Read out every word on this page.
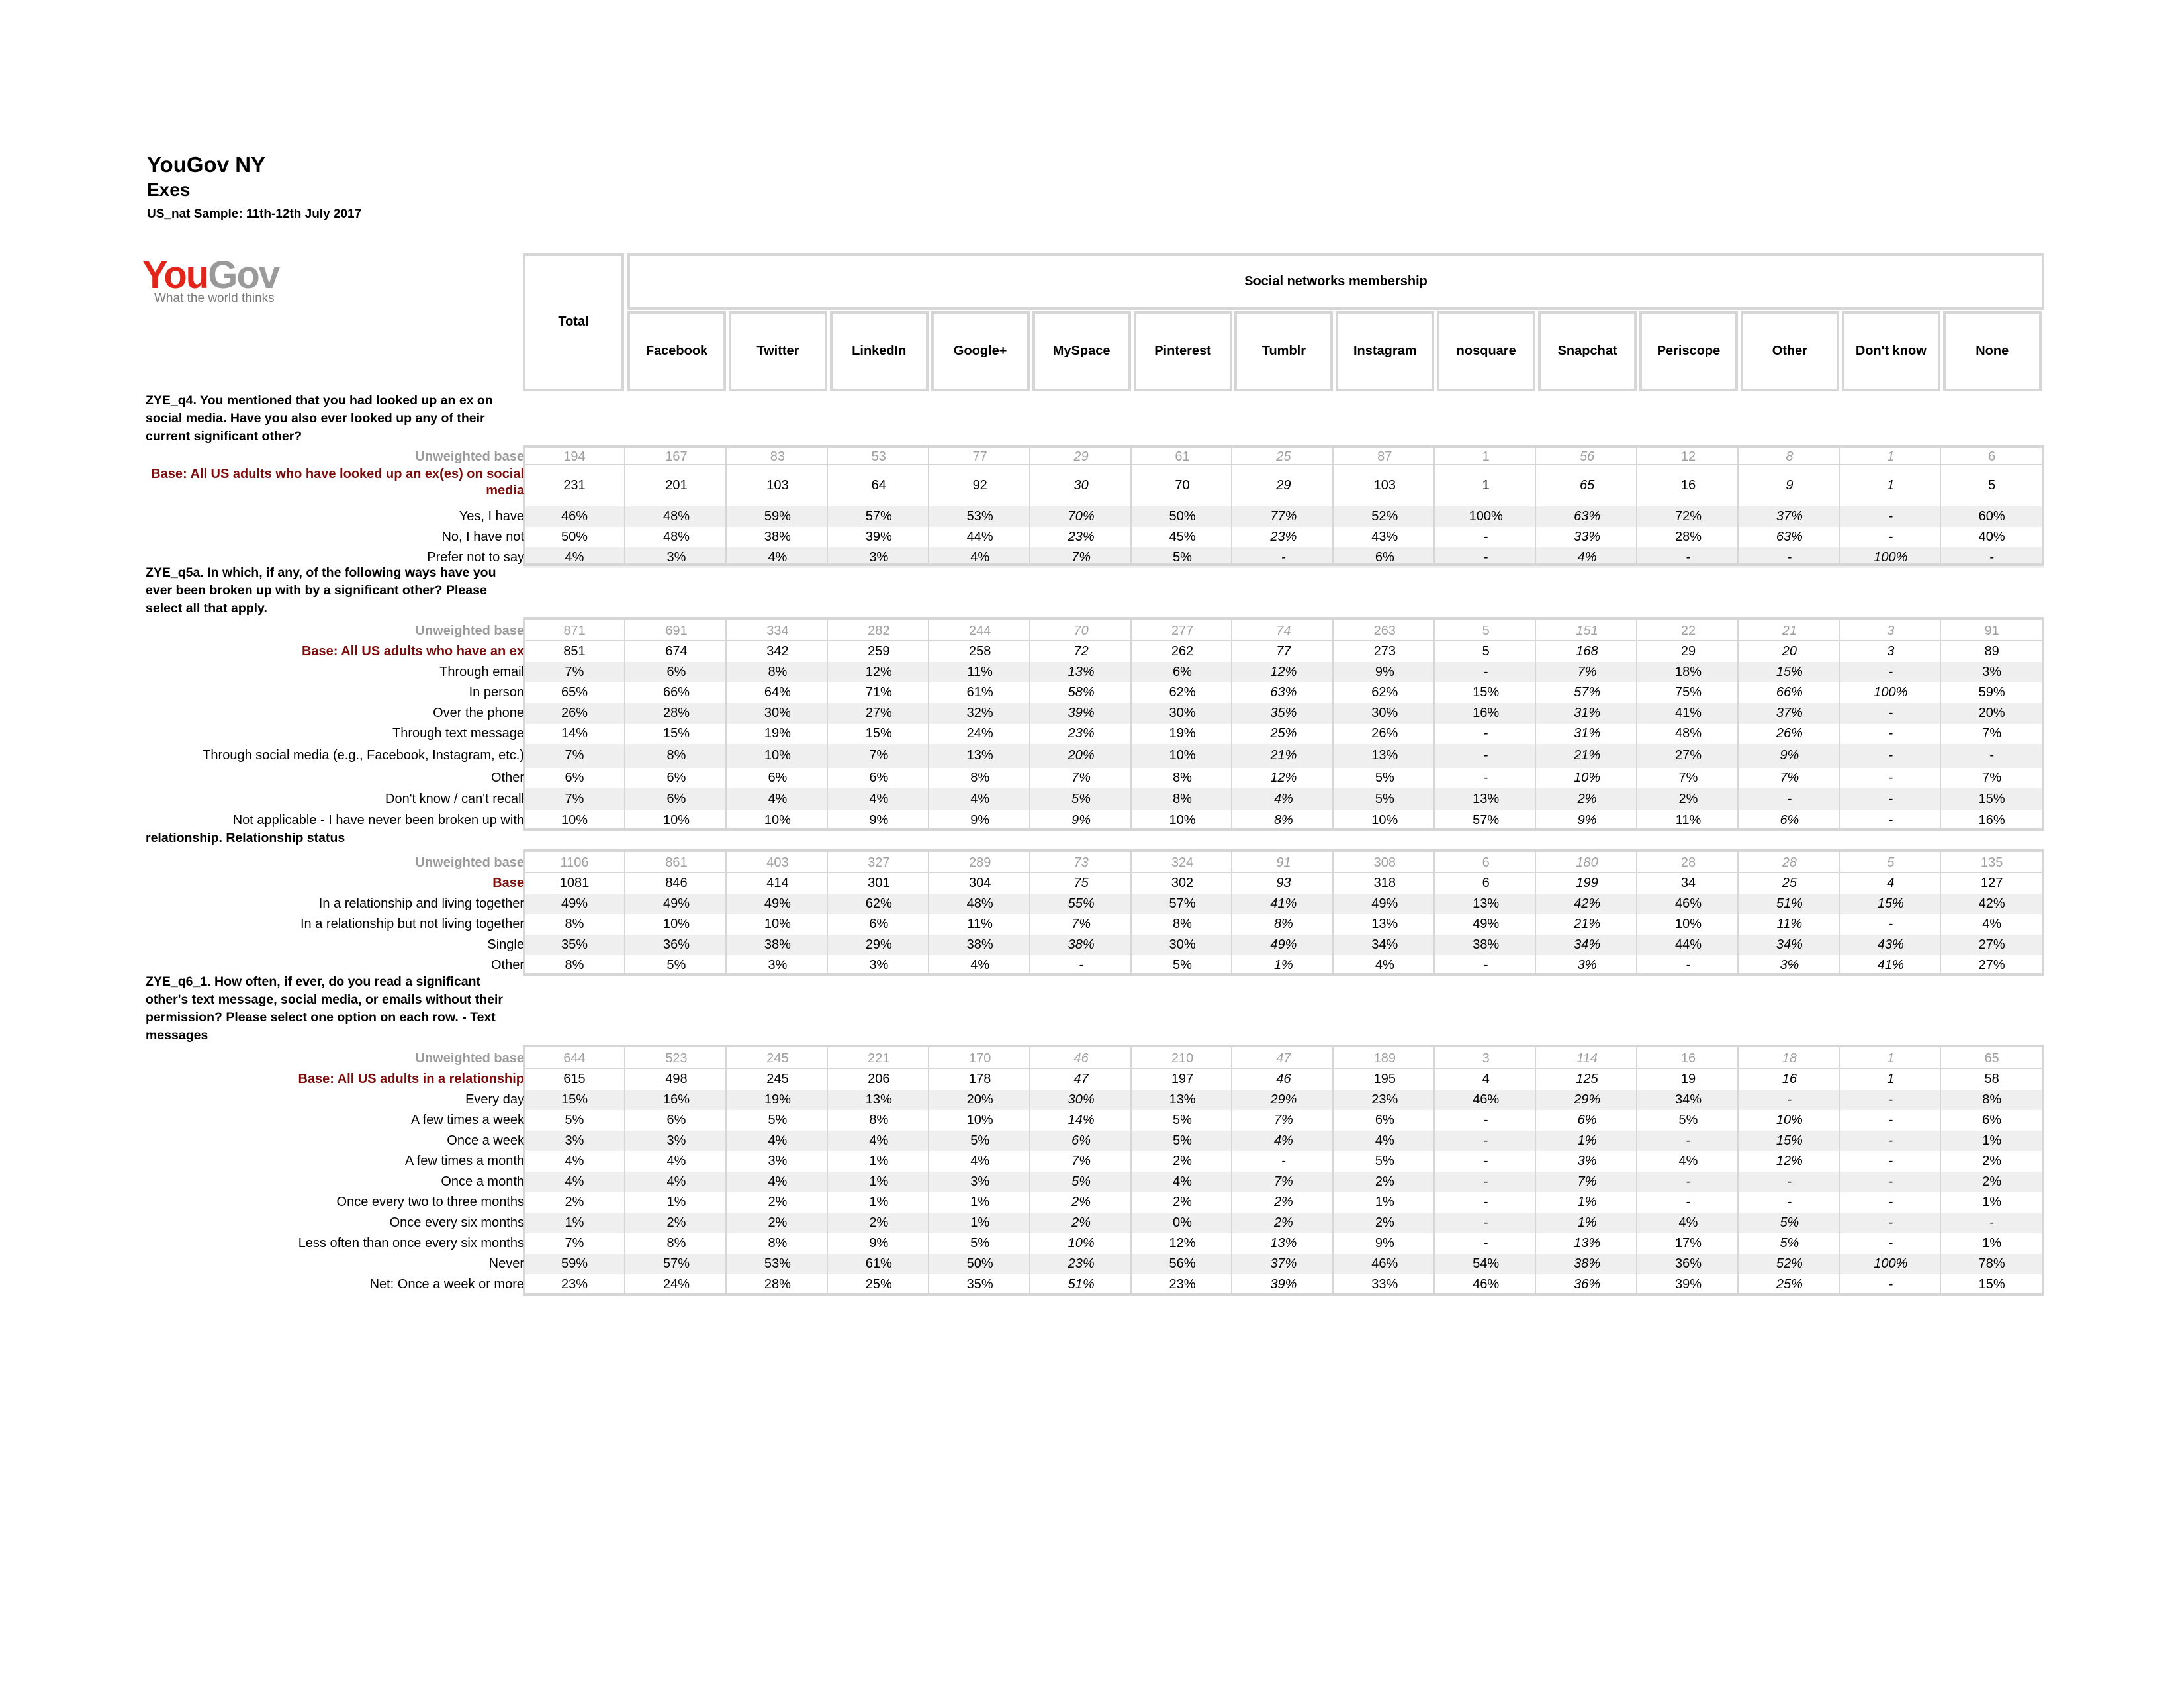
YouGov NY
Exes
US_nat Sample: 11th-12th July 2017
YouGov
What the world thinks
Total
Social networks membership
Facebook	Twitter	LinkedIn	Google+	MySpace	Pinterest	Tumblr	Instagram	nosquare	Snapchat	Periscope	Other	Don't know	None
ZYE_q4. You mentioned that you had looked up an ex on social media. Have you also ever looked up any of their current significant other?
Unweighted base	194	167	83	53	77	29	61	25	87	1	56	12	8	1	6
Base: All US adults who have looked up an ex(es) on social media	231	201	103	64	92	30	70	29	103	1	65	16	9	1	5
Yes, I have	46%	48%	59%	57%	53%	70%	50%	77%	52%	100%	63%	72%	37%	-	60%
No, I have not	50%	48%	38%	39%	44%	23%	45%	23%	43%	-	33%	28%	63%	-	40%
Prefer not to say	4%	3%	4%	3%	4%	7%	5%	-	6%	-	4%	-	-	100%	-
ZYE_q5a. In which, if any, of the following ways have you ever been broken up with by a significant other? Please select all that apply.
Unweighted base	871	691	334	282	244	70	277	74	263	5	151	22	21	3	91
Base: All US adults who have an ex	851	674	342	259	258	72	262	77	273	5	168	29	20	3	89
Through email	7%	6%	8%	12%	11%	13%	6%	12%	9%	-	7%	18%	15%	-	3%
In person	65%	66%	64%	71%	61%	58%	62%	63%	62%	15%	57%	75%	66%	100%	59%
Over the phone	26%	28%	30%	27%	32%	39%	30%	35%	30%	16%	31%	41%	37%	-	20%
Through text message	14%	15%	19%	15%	24%	23%	19%	25%	26%	-	31%	48%	26%	-	7%
Through social media (e.g., Facebook, Instagram, etc.)	7%	8%	10%	7%	13%	20%	10%	21%	13%	-	21%	27%	9%	-	-
Other	6%	6%	6%	6%	8%	7%	8%	12%	5%	-	10%	7%	7%	-	7%
Don't know / can't recall	7%	6%	4%	4%	4%	5%	8%	4%	5%	13%	2%	2%	-	-	15%
Not applicable - I have never been broken up with	10%	10%	10%	9%	9%	9%	10%	8%	10%	57%	9%	11%	6%	-	16%
relationship. Relationship status
Unweighted base	1106	861	403	327	289	73	324	91	308	6	180	28	28	5	135
Base	1081	846	414	301	304	75	302	93	318	6	199	34	25	4	127
In a relationship and living together	49%	49%	49%	62%	48%	55%	57%	41%	49%	13%	42%	46%	51%	15%	42%
In a relationship but not living together	8%	10%	10%	6%	11%	7%	8%	8%	13%	49%	21%	10%	11%	-	4%
Single	35%	36%	38%	29%	38%	38%	30%	49%	34%	38%	34%	44%	34%	43%	27%
Other	8%	5%	3%	3%	4%	-	5%	1%	4%	-	3%	-	3%	41%	27%
ZYE_q6_1. How often, if ever, do you read a significant other's text message, social media, or emails without their permission? Please select one option on each row. - Text messages
Unweighted base	644	523	245	221	170	46	210	47	189	3	114	16	18	1	65
Base: All US adults in a relationship	615	498	245	206	178	47	197	46	195	4	125	19	16	1	58
Every day	15%	16%	19%	13%	20%	30%	13%	29%	23%	46%	29%	34%	-	-	8%
A few times a week	5%	6%	5%	8%	10%	14%	5%	7%	6%	-	6%	5%	10%	-	6%
Once a week	3%	3%	4%	4%	5%	6%	5%	4%	4%	-	1%	-	15%	-	1%
A few times a month	4%	4%	3%	1%	4%	7%	2%	-	5%	-	3%	4%	12%	-	2%
Once a month	4%	4%	4%	1%	3%	5%	4%	7%	2%	-	7%	-	-	-	2%
Once every two to three months	2%	1%	2%	1%	1%	2%	2%	2%	1%	-	1%	-	-	-	1%
Once every six months	1%	2%	2%	2%	1%	2%	0%	2%	2%	-	1%	4%	5%	-	-
Less often than once every six months	7%	8%	8%	9%	5%	10%	12%	13%	9%	-	13%	17%	5%	-	1%
Never	59%	57%	53%	61%	50%	23%	56%	37%	46%	54%	38%	36%	52%	100%	78%
Net: Once a week or more	23%	24%	28%	25%	35%	51%	23%	39%	33%	46%	36%	39%	25%	-	15%
